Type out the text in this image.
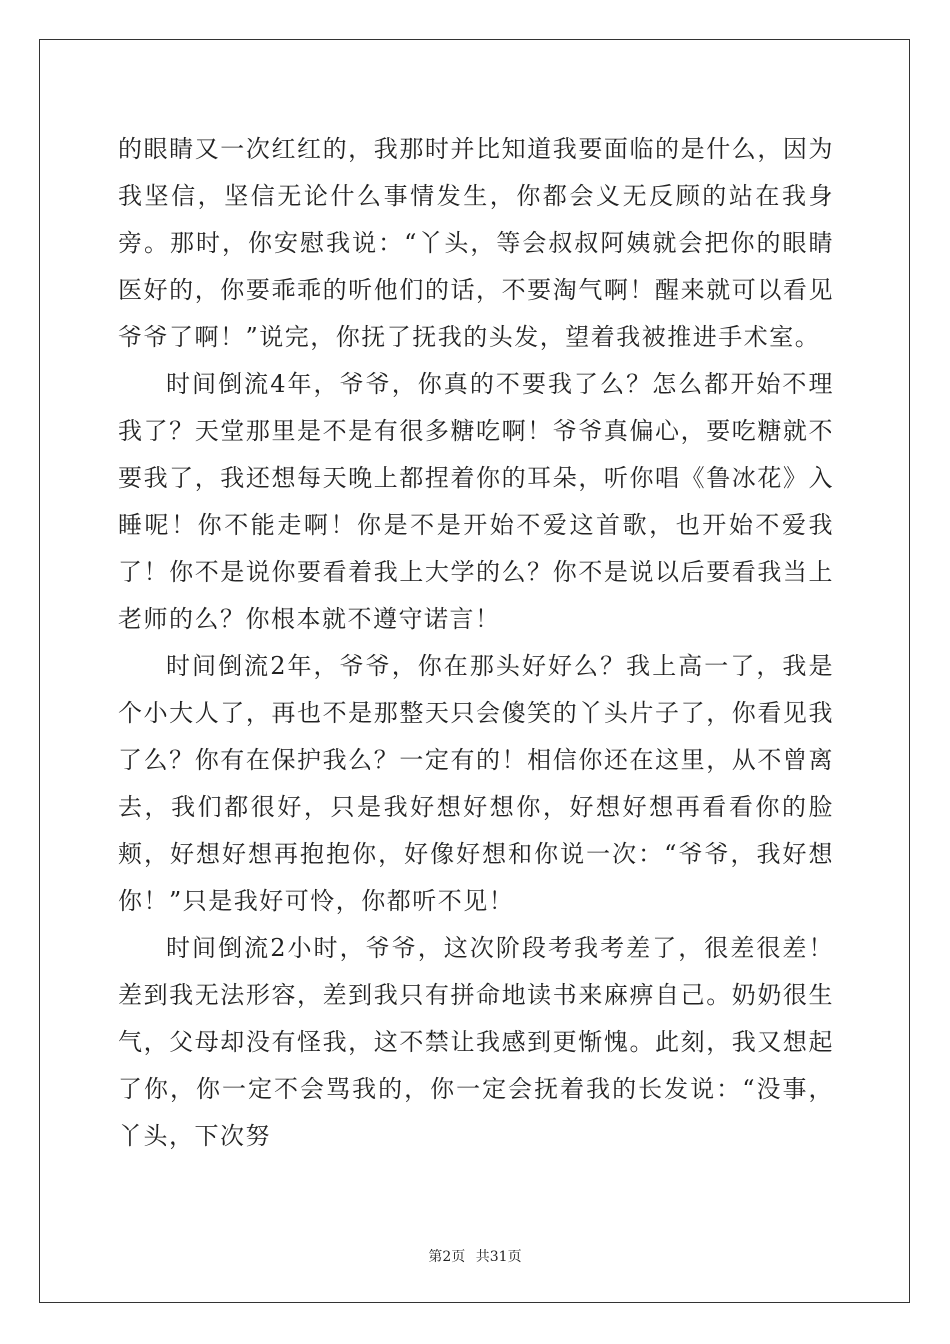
的眼睛又一次红红的，我那时并比知道我要面临的是什么，因为我坚信，坚信无论什么事情发生，你都会义无反顾的站在我身旁。那时，你安慰我说：“丫头，等会叔叔阿姨就会把你的眼睛医好的，你要乖乖的听他们的话，不要淘气啊！醒来就可以看见爷爷了啊！”说完，你抚了抚我的头发，望着我被推进手术室。

时间倒流4年，爷爷，你真的不要我了么？怎么都开始不理我了？天堂那里是不是有很多糖吃啊！爷爷真偏心，要吃糖就不要我了，我还想每天晚上都捏着你的耳朵，听你唱《鲁冰花》入睡呢！你不能走啊！你是不是开始不爱这首歌，也开始不爱我了！你不是说你要看着我上大学的么？你不是说以后要看我当上老师的么？你根本就不遵守诺言！

时间倒流2年，爷爷，你在那头好好么？我上高一了，我是个小大人了，再也不是那整天只会傻笑的丫头片子了，你看见我了么？你有在保护我么？一定有的！相信你还在这里，从不曾离去，我们都很好，只是我好想好想你，好想好想再看看你的脸颊，好想好想再抱抱你，好像好想和你说一次：“爷爷，我好想你！”只是我好可怜，你都听不见！

时间倒流2小时，爷爷，这次阶段考我考差了，很差很差！差到我无法形容，差到我只有拼命地读书来麻痹自己。奶奶很生气，父母却没有怪我，这不禁让我感到更惭愧。此刻，我又想起了你，你一定不会骂我的，你一定会抚着我的长发说：“没事，丫头，下次努

第2页 共31页
